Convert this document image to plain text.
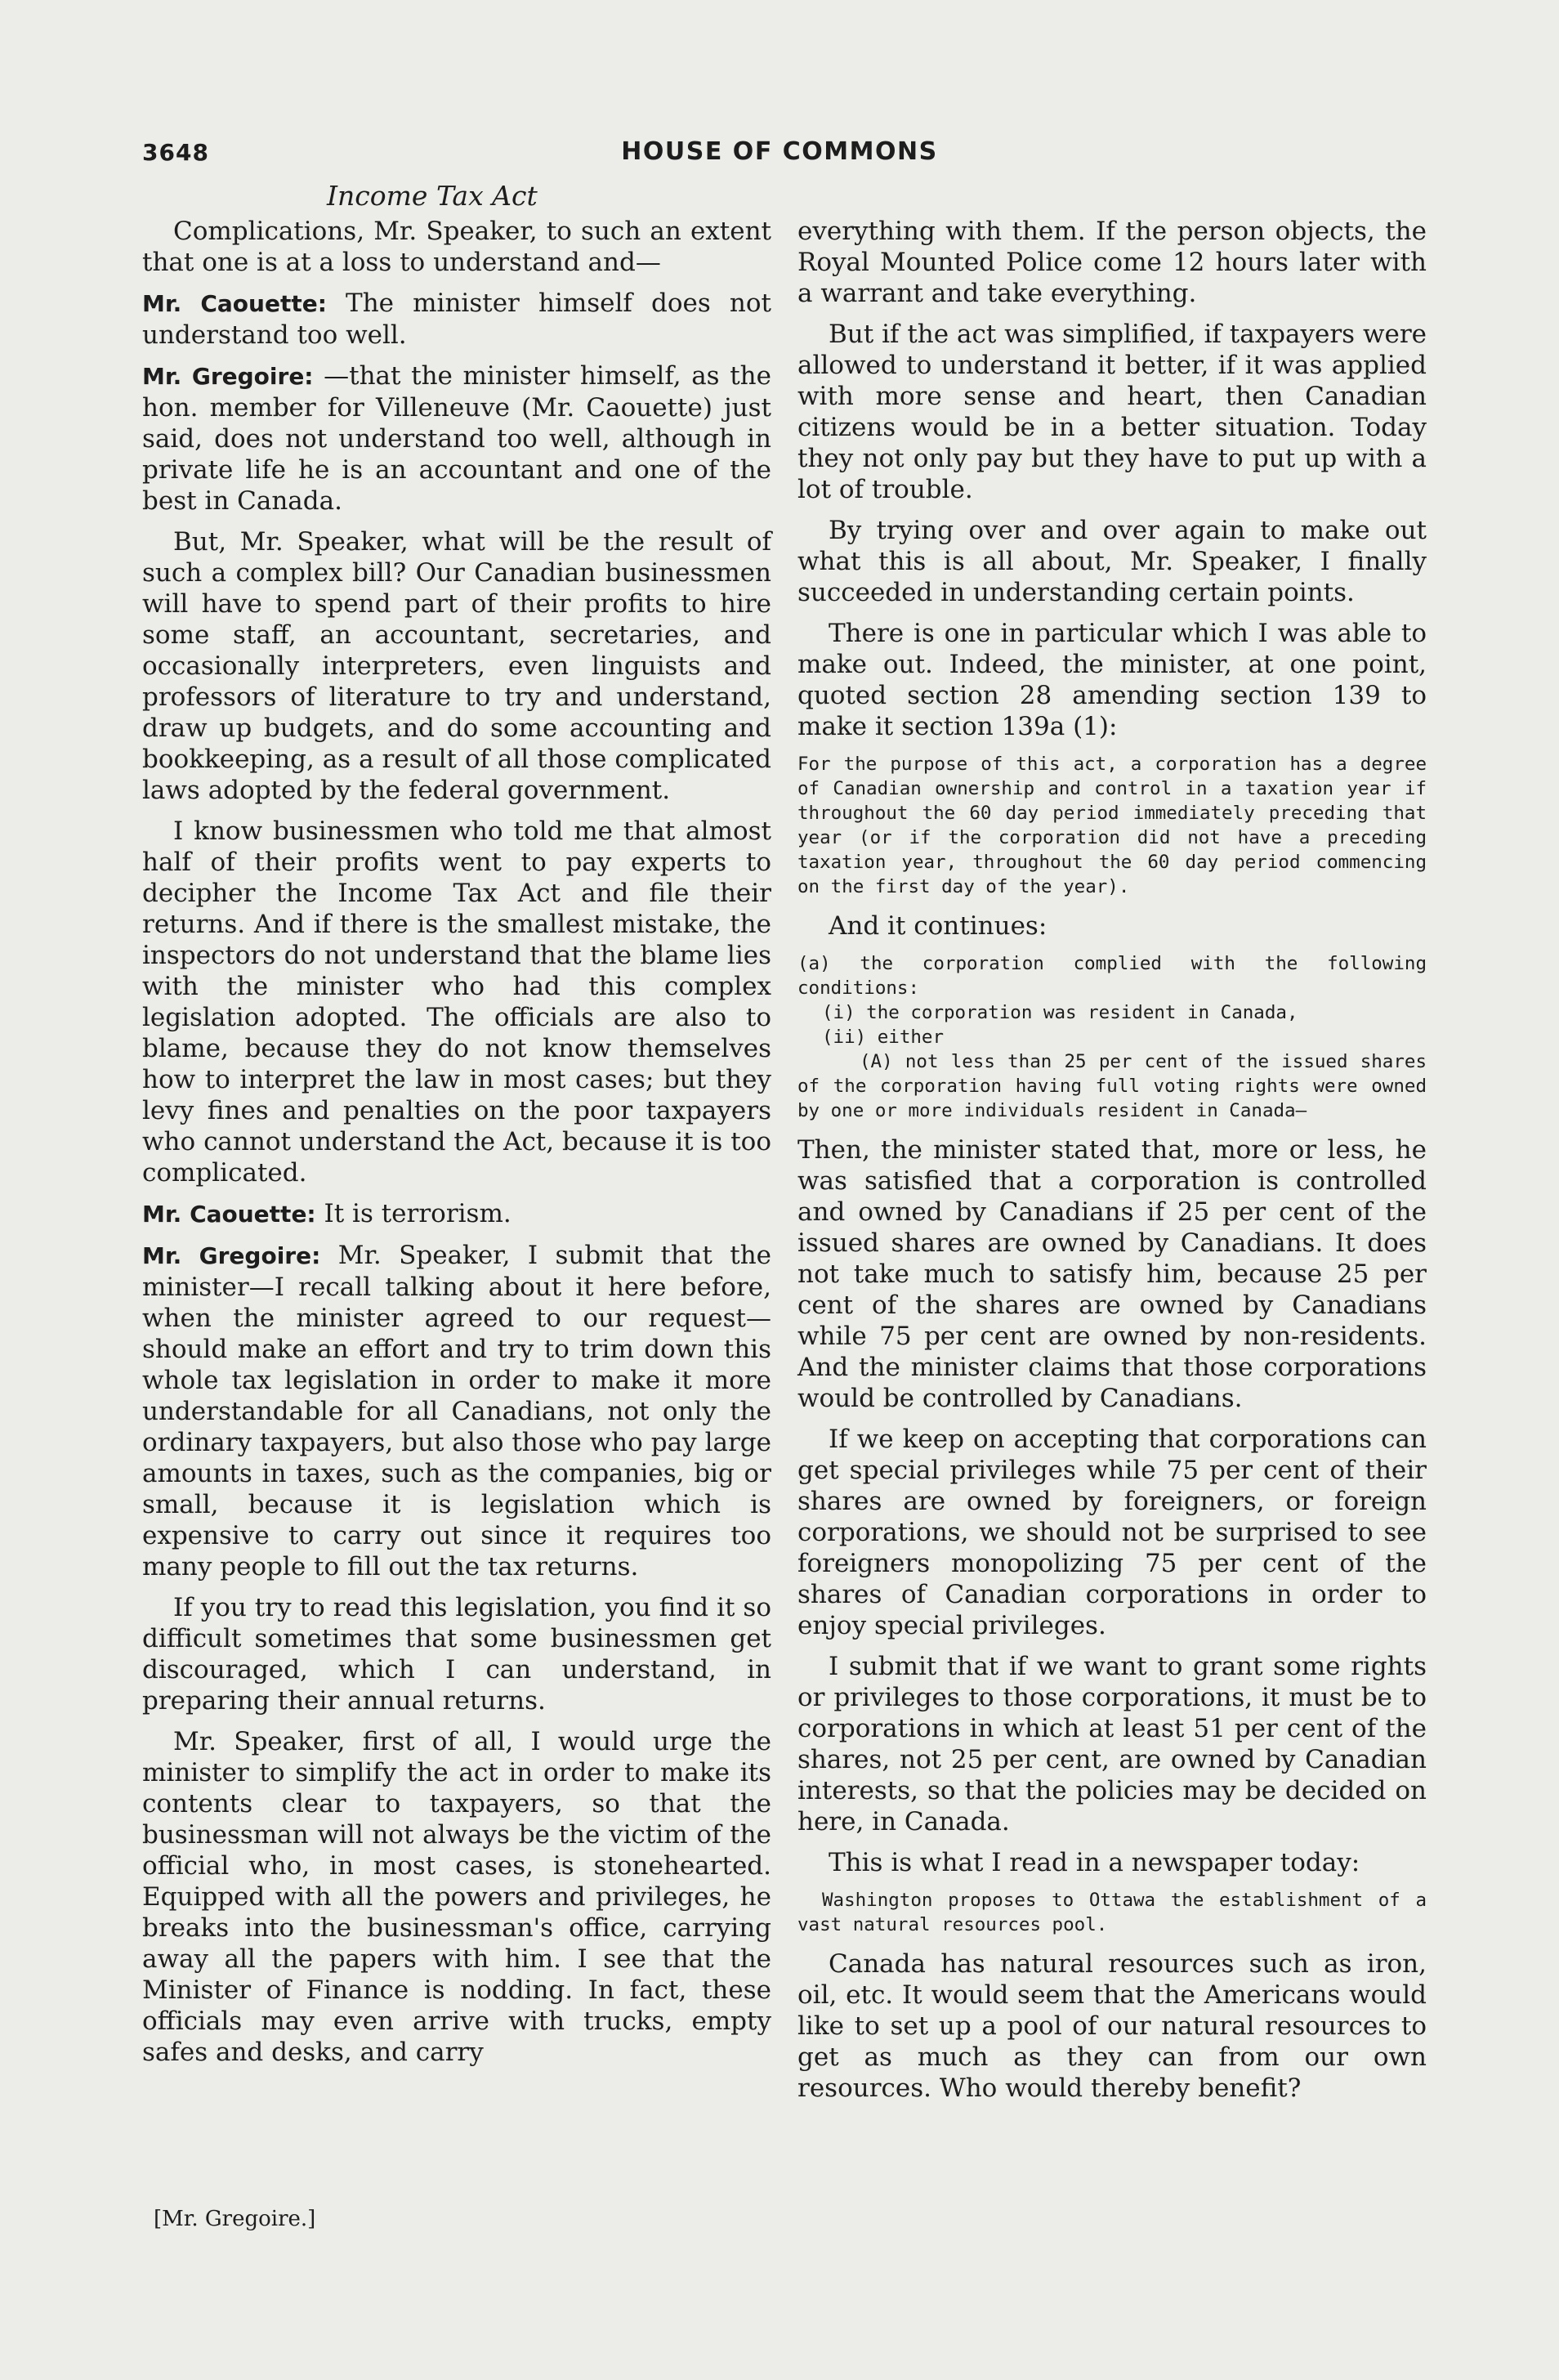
3648	HOUSE OF COMMONS
Income Tax Act

Complications, Mr. Speaker, to such an extent that one is at a loss to understand and—

Mr. Caouette: The minister himself does not understand too well.

Mr. Gregoire: —that the minister himself, as the hon. member for Villeneuve (Mr. Caouette) just said, does not understand too well, although in private life he is an accountant and one of the best in Canada.

But, Mr. Speaker, what will be the result of such a complex bill? Our Canadian businessmen will have to spend part of their profits to hire some staff, an accountant, secretaries, and occasionally interpreters, even linguists and professors of literature to try and understand, draw up budgets, and do some accounting and bookkeeping, as a result of all those complicated laws adopted by the federal government.

I know businessmen who told me that almost half of their profits went to pay experts to decipher the Income Tax Act and file their returns. And if there is the smallest mistake, the inspectors do not understand that the blame lies with the minister who had this complex legislation adopted. The officials are also to blame, because they do not know themselves how to interpret the law in most cases; but they levy fines and penalties on the poor taxpayers who cannot understand the Act, because it is too complicated.

Mr. Caouette: It is terrorism.

Mr. Gregoire: Mr. Speaker, I submit that the minister—I recall talking about it here before, when the minister agreed to our request—should make an effort and try to trim down this whole tax legislation in order to make it more understandable for all Canadians, not only the ordinary taxpayers, but also those who pay large amounts in taxes, such as the companies, big or small, because it is legislation which is expensive to carry out since it requires too many people to fill out the tax returns.

If you try to read this legislation, you find it so difficult sometimes that some businessmen get discouraged, which I can understand, in preparing their annual returns.

Mr. Speaker, first of all, I would urge the minister to simplify the act in order to make its contents clear to taxpayers, so that the businessman will not always be the victim of the official who, in most cases, is stonehearted. Equipped with all the powers and privileges, he breaks into the businessman's office, carrying away all the papers with him. I see that the Minister of Finance is nodding. In fact, these officials may even arrive with trucks, empty safes and desks, and carry

everything with them. If the person objects, the Royal Mounted Police come 12 hours later with a warrant and take everything.

But if the act was simplified, if taxpayers were allowed to understand it better, if it was applied with more sense and heart, then Canadian citizens would be in a better situation. Today they not only pay but they have to put up with a lot of trouble.

By trying over and over again to make out what this is all about, Mr. Speaker, I finally succeeded in understanding certain points.

There is one in particular which I was able to make out. Indeed, the minister, at one point, quoted section 28 amending section 139 to make it section 139a (1):

For the purpose of this act, a corporation has a degree of Canadian ownership and control in a taxation year if throughout the 60 day period immediately preceding that year (or if the corporation did not have a preceding taxation year, throughout the 60 day period commencing on the first day of the year).

And it continues:

(a) the corporation complied with the following conditions:

(i) the corporation was resident in Canada,

(ii) either

(A) not less than 25 per cent of the issued shares of the corporation having full voting rights were owned by one or more individuals resident in Canada—

Then, the minister stated that, more or less, he was satisfied that a corporation is controlled and owned by Canadians if 25 per cent of the issued shares are owned by Canadians. It does not take much to satisfy him, because 25 per cent of the shares are owned by Canadians while 75 per cent are owned by non-residents. And the minister claims that those corporations would be controlled by Canadians.

If we keep on accepting that corporations can get special privileges while 75 per cent of their shares are owned by foreigners, or foreign corporations, we should not be surprised to see foreigners monopolizing 75 per cent of the shares of Canadian corporations in order to enjoy special privileges.

I submit that if we want to grant some rights or privileges to those corporations, it must be to corporations in which at least 51 per cent of the shares, not 25 per cent, are owned by Canadian interests, so that the policies may be decided on here, in Canada.

This is what I read in a newspaper today:

Washington proposes to Ottawa the establishment of a vast natural resources pool.

Canada has natural resources such as iron, oil, etc. It would seem that the Americans would like to set up a pool of our natural resources to get as much as they can from our own resources. Who would thereby benefit?

[Mr. Gregoire.]
